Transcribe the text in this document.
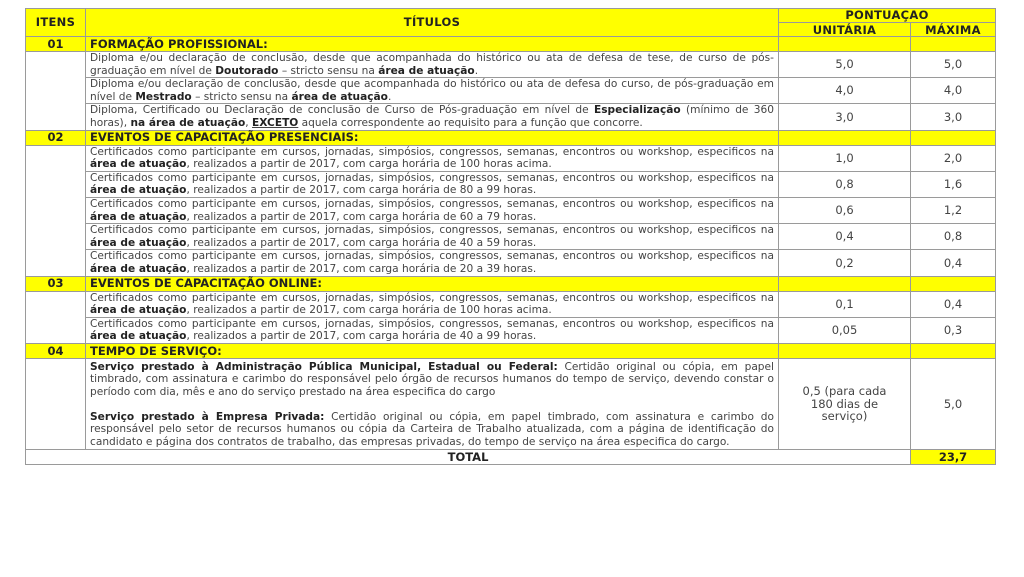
ITENS	TÍTULOS	PONTUAÇAO	
		UNITÁRIA	MÁXIMA
01	FORMAÇÃO PROFISSIONAL:		
	Diploma e/ou declaração de conclusão, desde que acompanhada do histórico ou ata de defesa de tese, de curso de pós-graduação em nível de Doutorado – stricto sensu na área de atuação.	5,0	5,0
	Diploma e/ou declaração de conclusão, desde que acompanhada do histórico ou ata de defesa do curso, de pós-graduação em nível de Mestrado – stricto sensu na área de atuação.	4,0	4,0
	Diploma, Certificado ou Declaração de conclusão de Curso de Pós-graduação em nível de Especialização (mínimo de 360 horas), na área de atuação, EXCETO aquela correspondente ao requisito para a função que concorre.	3,0	3,0
02	EVENTOS DE CAPACITAÇÃO PRESENCIAIS:		
	Certificados como participante em cursos, jornadas, simpósios, congressos, semanas, encontros ou workshop, especificos na área de atuação, realizados a partir de 2017, com carga horária de 100 horas acima.	1,0	2,0
	Certificados como participante em cursos, jornadas, simpósios, congressos, semanas, encontros ou workshop, especificos na área de atuação, realizados a partir de 2017, com carga horária de 80 a 99 horas.	0,8	1,6
	Certificados como participante em cursos, jornadas, simpósios, congressos, semanas, encontros ou workshop, especificos na área de atuação, realizados a partir de 2017, com carga horária de 60 a 79 horas.	0,6	1,2
	Certificados como participante em cursos, jornadas, simpósios, congressos, semanas, encontros ou workshop, especificos na área de atuação, realizados a partir de 2017, com carga horária de 40 a 59 horas.	0,4	0,8
	Certificados como participante em cursos, jornadas, simpósios, congressos, semanas, encontros ou workshop, especificos na área de atuação, realizados a partir de 2017, com carga horária de 20 a 39 horas.	0,2	0,4
03	EVENTOS DE CAPACITAÇÃO ONLINE:		
	Certificados como participante em cursos, jornadas, simpósios, congressos, semanas, encontros ou workshop, especificos na área de atuação, realizados a partir de 2017, com carga horária de 100 horas acima.	0,1	0,4
	Certificados como participante em cursos, jornadas, simpósios, congressos, semanas, encontros ou workshop, especificos na área de atuação, realizados a partir de 2017, com carga horária de 40 a 99 horas.	0,05	0,3
04	TEMPO DE SERVIÇO:		

	Serviço prestado à Administração Pública Municipal, Estadual ou Federal: Certidão original ou cópia, em papel timbrado, com assinatura e carimbo do responsável pelo órgão de recursos humanos do tempo de serviço, devendo constar o período com dia, mês e ano do serviço prestado na área especifica do cargo
Serviço prestado à Empresa Privada: Certidão original ou cópia, em papel timbrado, com assinatura e carimbo do responsável pelo setor de recursos humanos ou cópia da Carteira de Trabalho atualizada, com a página de identificação do candidato e página dos contratos de trabalho, das empresas privadas, do tempo de serviço na área especifica do cargo.	0,5 (para cada 180 dias de serviço)	5,0
TOTAL			23,7
